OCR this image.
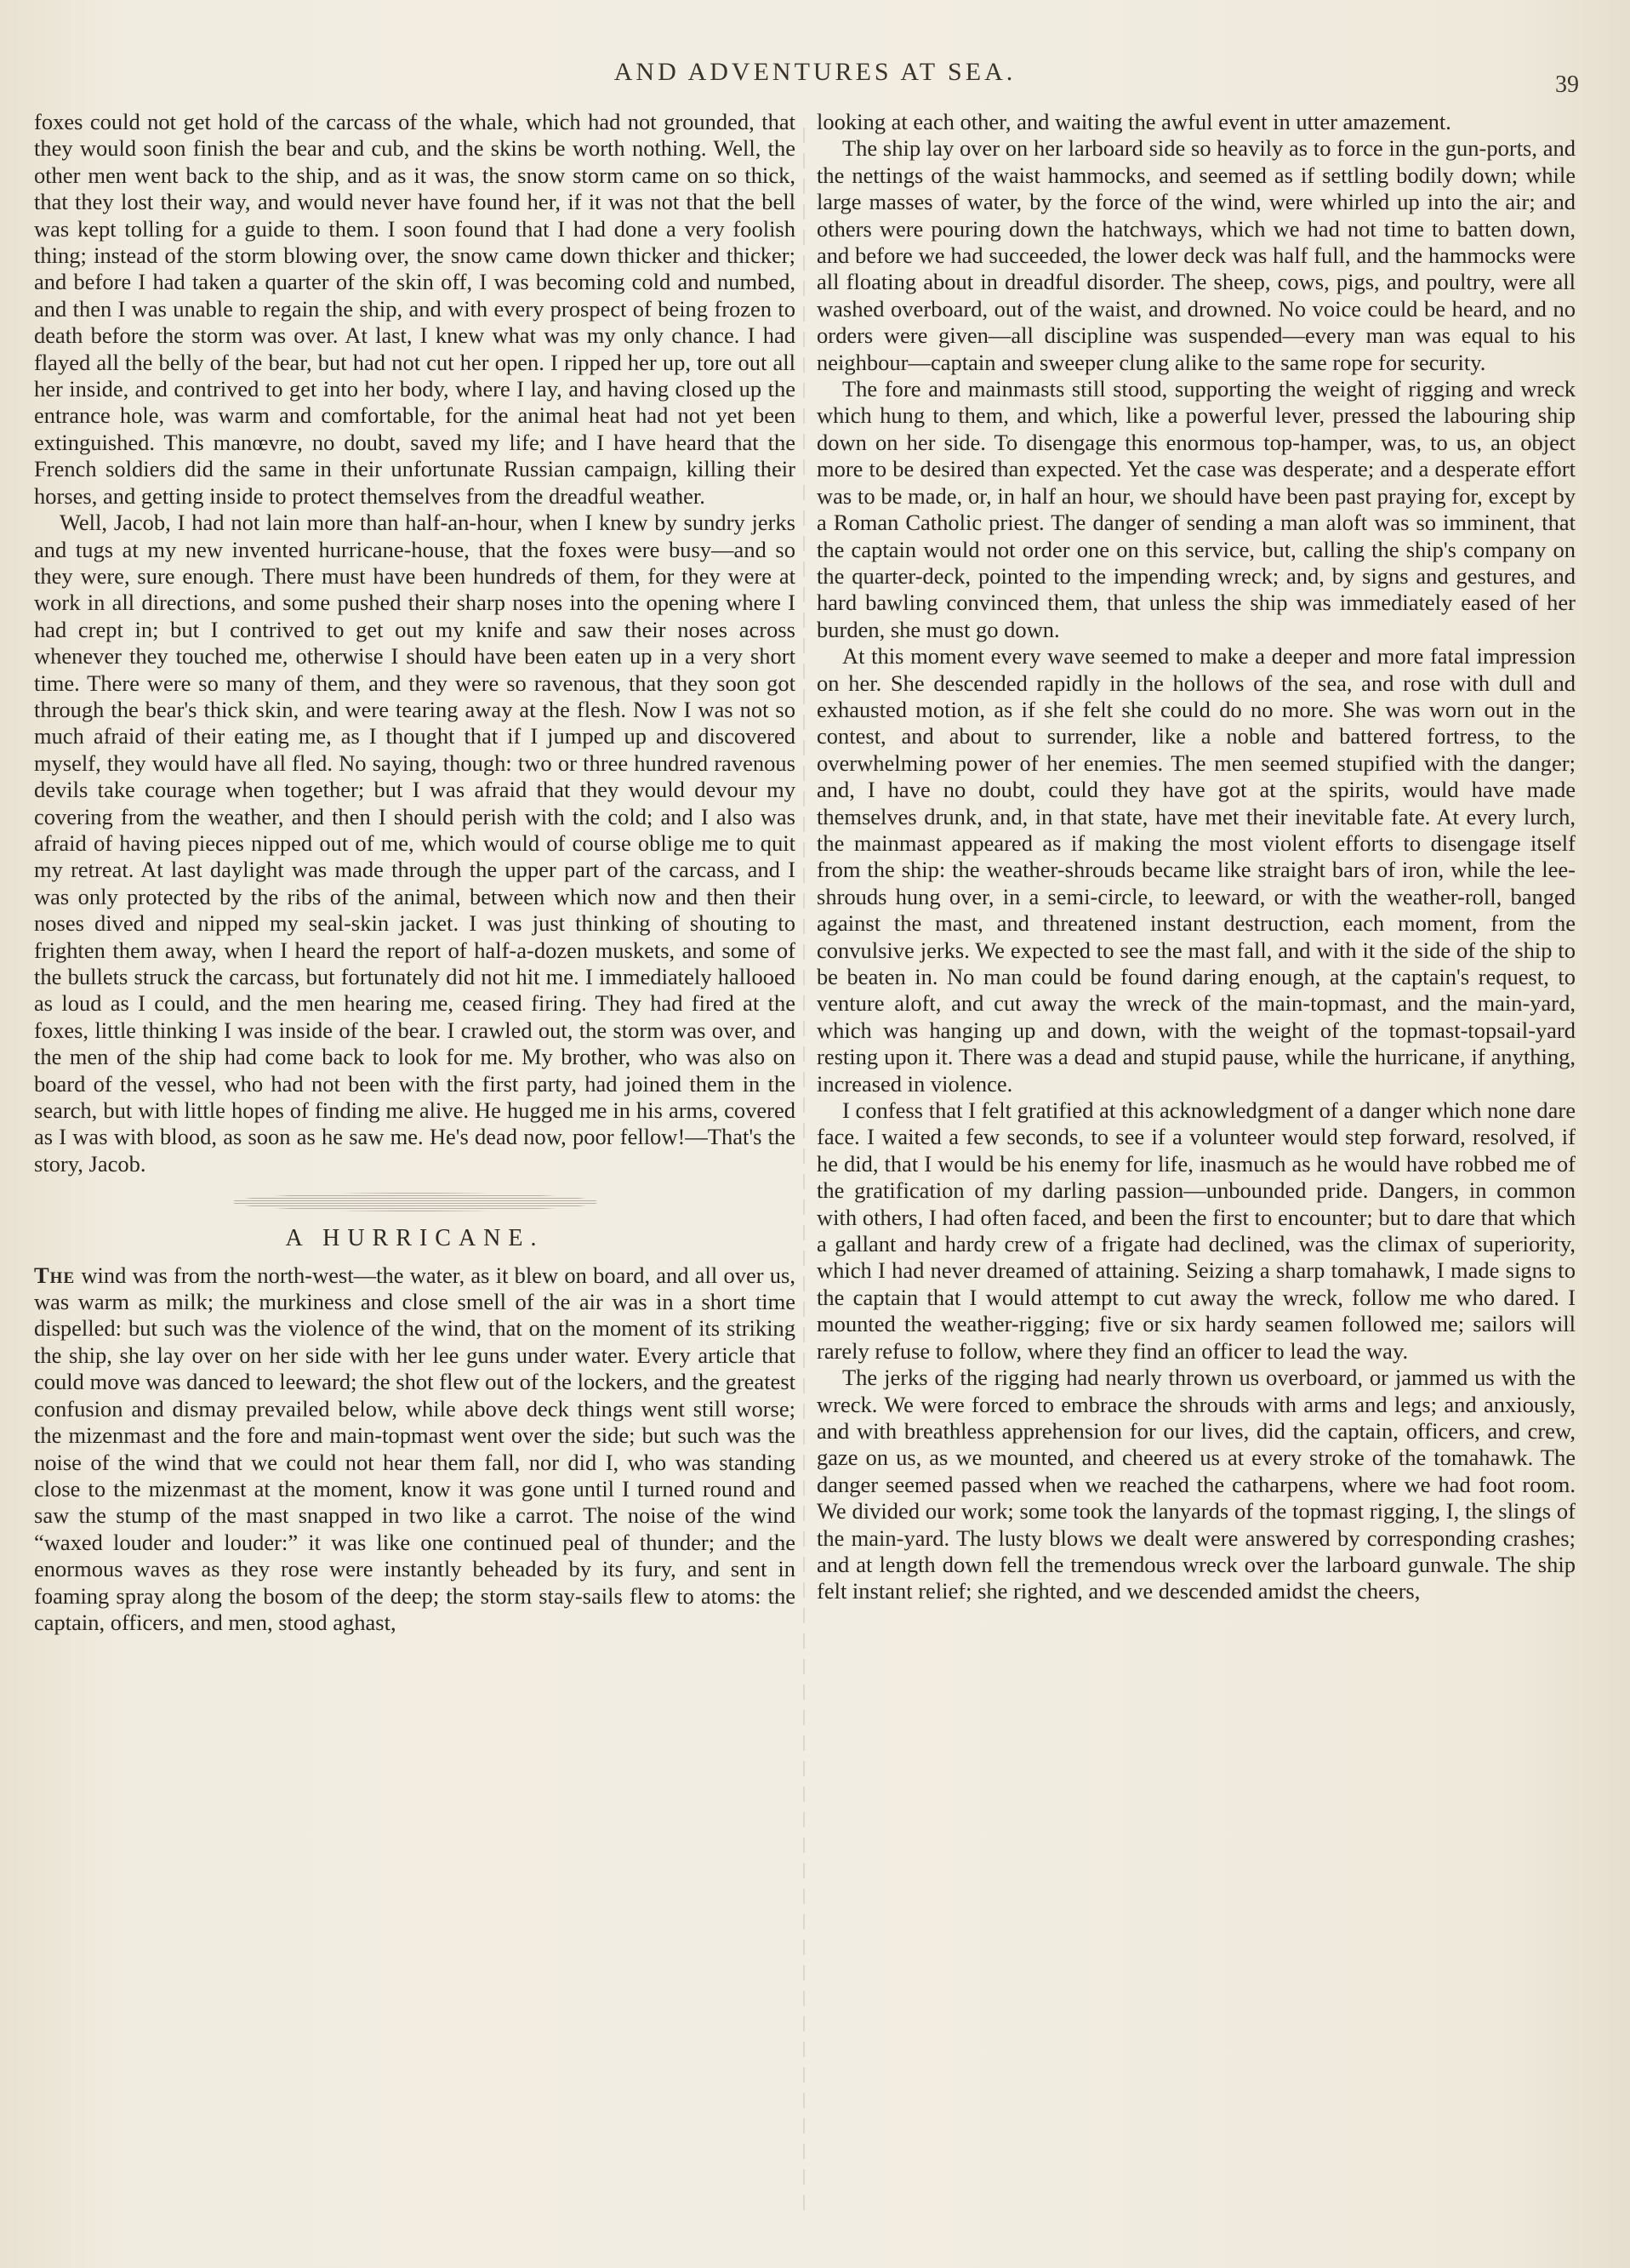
AND ADVENTURES AT SEA.	39

foxes could not get hold of the carcass of the whale, which had not grounded, that they would soon finish the bear and cub, and the skins be worth nothing. Well, the other men went back to the ship, and as it was, the snow storm came on so thick, that they lost their way, and would never have found her, if it was not that the bell was kept tolling for a guide to them. I soon found that I had done a very foolish thing; instead of the storm blowing over, the snow came down thicker and thicker; and before I had taken a quarter of the skin off, I was becoming cold and numbed, and then I was unable to regain the ship, and with every prospect of being frozen to death before the storm was over. At last, I knew what was my only chance. I had flayed all the belly of the bear, but had not cut her open. I ripped her up, tore out all her inside, and contrived to get into her body, where I lay, and having closed up the entrance hole, was warm and comfortable, for the animal heat had not yet been extinguished. This manœvre, no doubt, saved my life; and I have heard that the French soldiers did the same in their unfortunate Russian campaign, killing their horses, and getting inside to protect themselves from the dreadful weather.

Well, Jacob, I had not lain more than half-an-hour, when I knew by sundry jerks and tugs at my new invented hurricane-house, that the foxes were busy—and so they were, sure enough. There must have been hundreds of them, for they were at work in all directions, and some pushed their sharp noses into the opening where I had crept in; but I contrived to get out my knife and saw their noses across whenever they touched me, otherwise I should have been eaten up in a very short time. There were so many of them, and they were so ravenous, that they soon got through the bear's thick skin, and were tearing away at the flesh. Now I was not so much afraid of their eating me, as I thought that if I jumped up and discovered myself, they would have all fled. No saying, though: two or three hundred ravenous devils take courage when together; but I was afraid that they would devour my covering from the weather, and then I should perish with the cold; and I also was afraid of having pieces nipped out of me, which would of course oblige me to quit my retreat. At last daylight was made through the upper part of the carcass, and I was only protected by the ribs of the animal, between which now and then their noses dived and nipped my seal-skin jacket. I was just thinking of shouting to frighten them away, when I heard the report of half-a-dozen muskets, and some of the bullets struck the carcass, but fortunately did not hit me. I immediately hallooed as loud as I could, and the men hearing me, ceased firing. They had fired at the foxes, little thinking I was inside of the bear. I crawled out, the storm was over, and the men of the ship had come back to look for me. My brother, who was also on board of the vessel, who had not been with the first party, had joined them in the search, but with little hopes of finding me alive. He hugged me in his arms, covered as I was with blood, as soon as he saw me. He's dead now, poor fellow!—That's the story, Jacob.

A HURRICANE.

The wind was from the north-west—the water, as it blew on board, and all over us, was warm as milk; the murkiness and close smell of the air was in a short time dispelled: but such was the violence of the wind, that on the moment of its striking the ship, she lay over on her side with her lee guns under water. Every article that could move was danced to leeward; the shot flew out of the lockers, and the greatest confusion and dismay prevailed below, while above deck things went still worse; the mizenmast and the fore and main-topmast went over the side; but such was the noise of the wind that we could not hear them fall, nor did I, who was standing close to the mizenmast at the moment, know it was gone until I turned round and saw the stump of the mast snapped in two like a carrot. The noise of the wind “waxed louder and louder:” it was like one continued peal of thunder; and the enormous waves as they rose were instantly beheaded by its fury, and sent in foaming spray along the bosom of the deep; the storm stay-sails flew to atoms: the captain, officers, and men, stood aghast,

looking at each other, and waiting the awful event in utter amazement.

The ship lay over on her larboard side so heavily as to force in the gun-ports, and the nettings of the waist hammocks, and seemed as if settling bodily down; while large masses of water, by the force of the wind, were whirled up into the air; and others were pouring down the hatchways, which we had not time to batten down, and before we had succeeded, the lower deck was half full, and the hammocks were all floating about in dreadful disorder. The sheep, cows, pigs, and poultry, were all washed overboard, out of the waist, and drowned. No voice could be heard, and no orders were given—all discipline was suspended—every man was equal to his neighbour—captain and sweeper clung alike to the same rope for security.

The fore and mainmasts still stood, supporting the weight of rigging and wreck which hung to them, and which, like a powerful lever, pressed the labouring ship down on her side. To disengage this enormous top-hamper, was, to us, an object more to be desired than expected. Yet the case was desperate; and a desperate effort was to be made, or, in half an hour, we should have been past praying for, except by a Roman Catholic priest. The danger of sending a man aloft was so imminent, that the captain would not order one on this service, but, calling the ship's company on the quarter-deck, pointed to the impending wreck; and, by signs and gestures, and hard bawling convinced them, that unless the ship was immediately eased of her burden, she must go down.

At this moment every wave seemed to make a deeper and more fatal impression on her. She descended rapidly in the hollows of the sea, and rose with dull and exhausted motion, as if she felt she could do no more. She was worn out in the contest, and about to surrender, like a noble and battered fortress, to the overwhelming power of her enemies. The men seemed stupified with the danger; and, I have no doubt, could they have got at the spirits, would have made themselves drunk, and, in that state, have met their inevitable fate. At every lurch, the mainmast appeared as if making the most violent efforts to disengage itself from the ship: the weather-shrouds became like straight bars of iron, while the lee-shrouds hung over, in a semi-circle, to leeward, or with the weather-roll, banged against the mast, and threatened instant destruction, each moment, from the convulsive jerks. We expected to see the mast fall, and with it the side of the ship to be beaten in. No man could be found daring enough, at the captain's request, to venture aloft, and cut away the wreck of the main-topmast, and the main-yard, which was hanging up and down, with the weight of the topmast-topsail-yard resting upon it. There was a dead and stupid pause, while the hurricane, if anything, increased in violence.

I confess that I felt gratified at this acknowledgment of a danger which none dare face. I waited a few seconds, to see if a volunteer would step forward, resolved, if he did, that I would be his enemy for life, inasmuch as he would have robbed me of the gratification of my darling passion—unbounded pride. Dangers, in common with others, I had often faced, and been the first to encounter; but to dare that which a gallant and hardy crew of a frigate had declined, was the climax of superiority, which I had never dreamed of attaining. Seizing a sharp tomahawk, I made signs to the captain that I would attempt to cut away the wreck, follow me who dared. I mounted the weather-rigging; five or six hardy seamen followed me; sailors will rarely refuse to follow, where they find an officer to lead the way.

The jerks of the rigging had nearly thrown us overboard, or jammed us with the wreck. We were forced to embrace the shrouds with arms and legs; and anxiously, and with breathless apprehension for our lives, did the captain, officers, and crew, gaze on us, as we mounted, and cheered us at every stroke of the tomahawk. The danger seemed passed when we reached the catharpens, where we had foot room. We divided our work; some took the lanyards of the topmast rigging, I, the slings of the main-yard. The lusty blows we dealt were answered by corresponding crashes; and at length down fell the tremendous wreck over the larboard gunwale. The ship felt instant relief; she righted, and we descended amidst the cheers,
